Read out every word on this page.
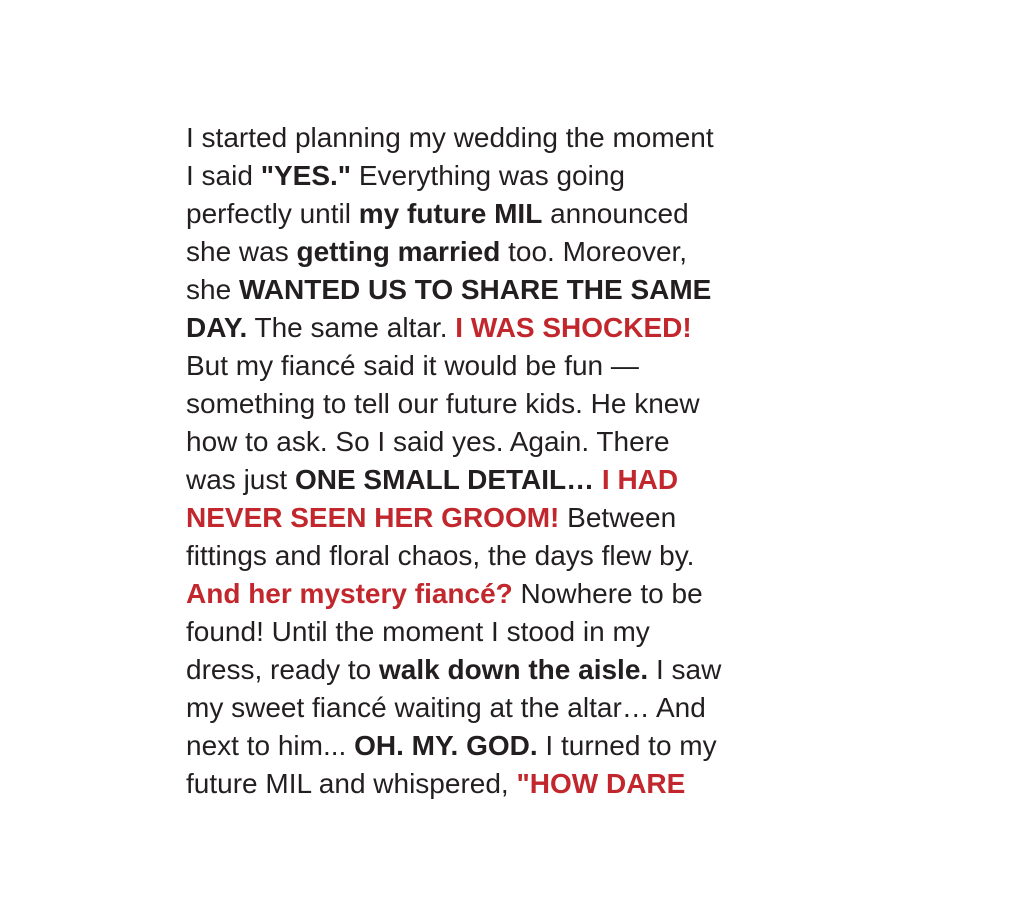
I started planning my wedding the moment
I said "YES." Everything was going
perfectly until my future MIL announced
she was getting married too. Moreover,
she WANTED US TO SHARE THE SAME
DAY. The same altar. I WAS SHOCKED!
But my fiancé said it would be fun —
something to tell our future kids. He knew
how to ask. So I said yes. Again. There
was just ONE SMALL DETAIL… I HAD
NEVER SEEN HER GROOM! Between
fittings and floral chaos, the days flew by.
And her mystery fiancé? Nowhere to be
found! Until the moment I stood in my
dress, ready to walk down the aisle. I saw
my sweet fiancé waiting at the altar… And
next to him... OH. MY. GOD. I turned to my
future MIL and whispered, "HOW DARE
